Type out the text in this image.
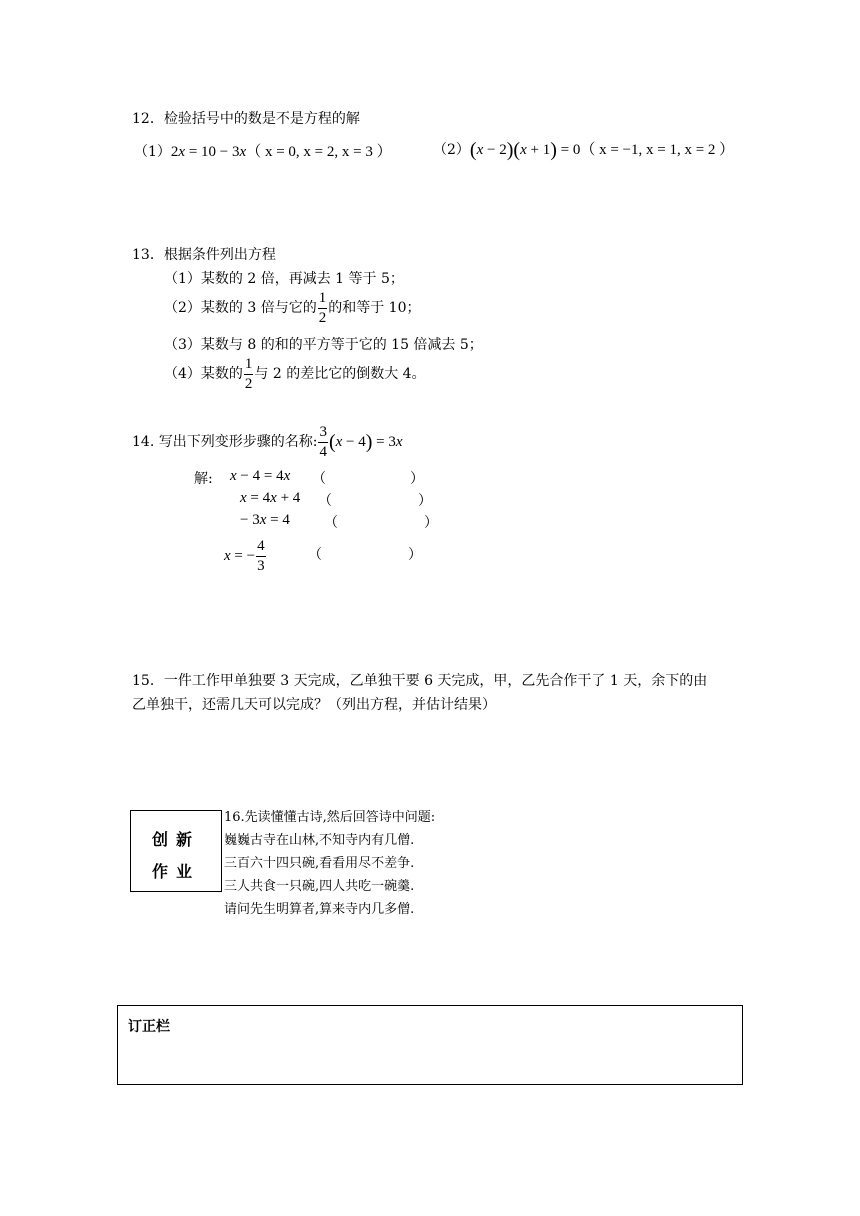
12．检验括号中的数是不是方程的解
（1）2x = 10 − 3x（ x = 0, x = 2, x = 3 ）	（2）(x − 2)(x + 1) = 0（ x = −1, x = 1, x = 2 ）
13．根据条件列出方程
（1）某数的 2 倍，再减去 1 等于 5；
（2）某数的 3 倍与它的 $\frac{1}{2}$ 的和等于 10；
（3）某数与 8 的和的平方等于它的 15 倍减去 5；
（4）某数的 $\frac{1}{2}$ 与 2 的差比它的倒数大 4。
14. 写出下列变形步骤的名称: $\frac{3}{4} (x - 4) = 3x$
解: x − 4 = 4x （	）
x = 4x + 4 （	）
− 3x = 4 （	）
x = − $\frac{4}{3}$	（	）
15．一件工作甲单独要 3 天完成，乙单独干要 6 天完成，甲，乙先合作干了 1 天，余下的由
乙单独干，还需几天可以完成？（列出方程，并估计结果）
创新
作业
16.先读懂懂古诗,然后回答诗中问题:
巍巍古寺在山林,不知寺内有几僧.
三百六十四只碗,看看用尽不差争.
三人共食一只碗,四人共吃一碗羹.
请问先生明算者,算来寺内几多僧.
订正栏
